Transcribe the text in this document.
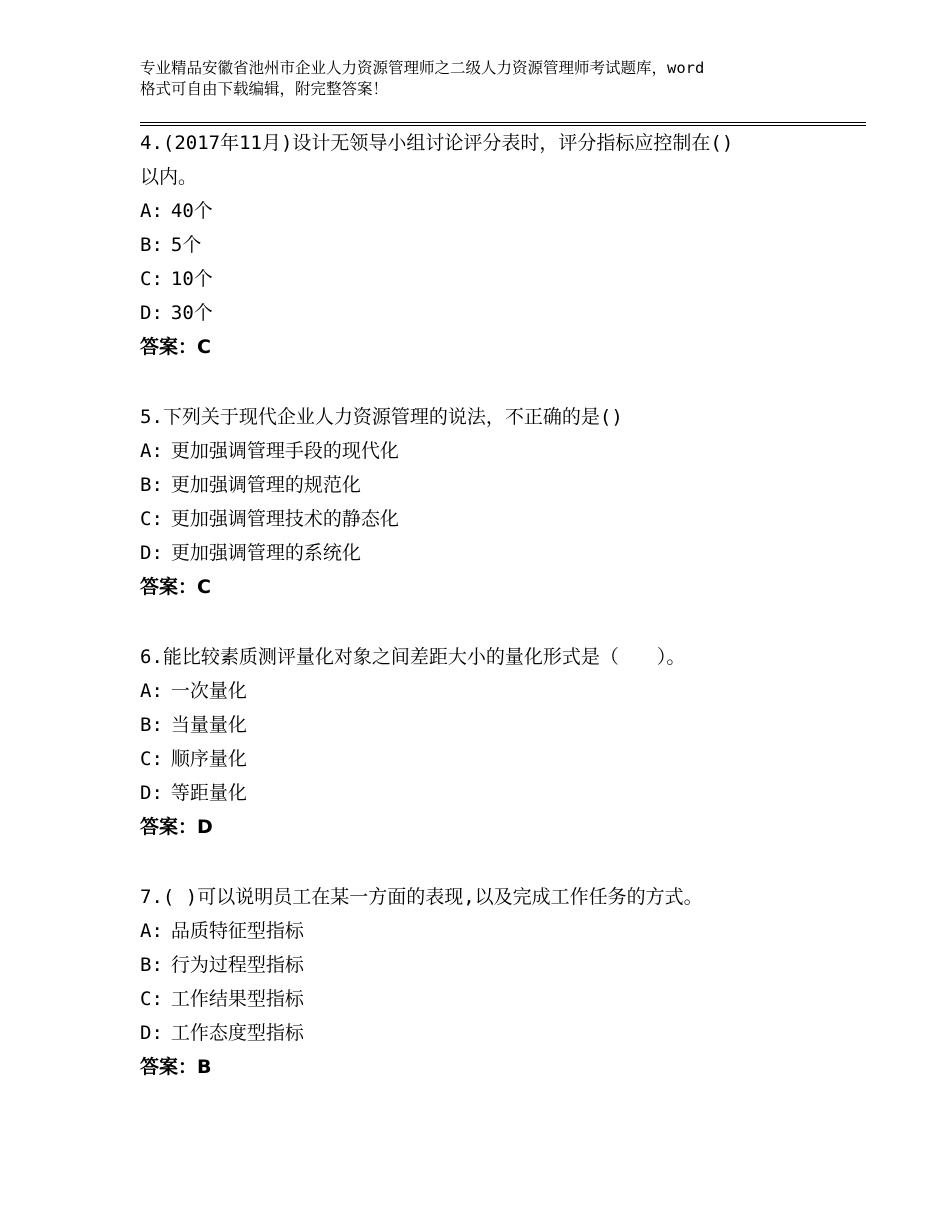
专业精品安徽省池州市企业人力资源管理师之二级人力资源管理师考试题库，word
格式可自由下载编辑，附完整答案！
4.(2017年11月)设计无领导小组讨论评分表时，评分指标应控制在()
以内。
A: 40个
B: 5个
C: 10个
D: 30个
答案：C
5.下列关于现代企业人力资源管理的说法，不正确的是()
A: 更加强调管理手段的现代化
B: 更加强调管理的规范化
C: 更加强调管理技术的静态化
D: 更加强调管理的系统化
答案：C
6.能比较素质测评量化对象之间差距大小的量化形式是（　　）。
A: 一次量化
B: 当量量化
C: 顺序量化
D: 等距量化
答案：D
7.( )可以说明员工在某一方面的表现,以及完成工作任务的方式。
A: 品质特征型指标
B: 行为过程型指标
C: 工作结果型指标
D: 工作态度型指标
答案：B
